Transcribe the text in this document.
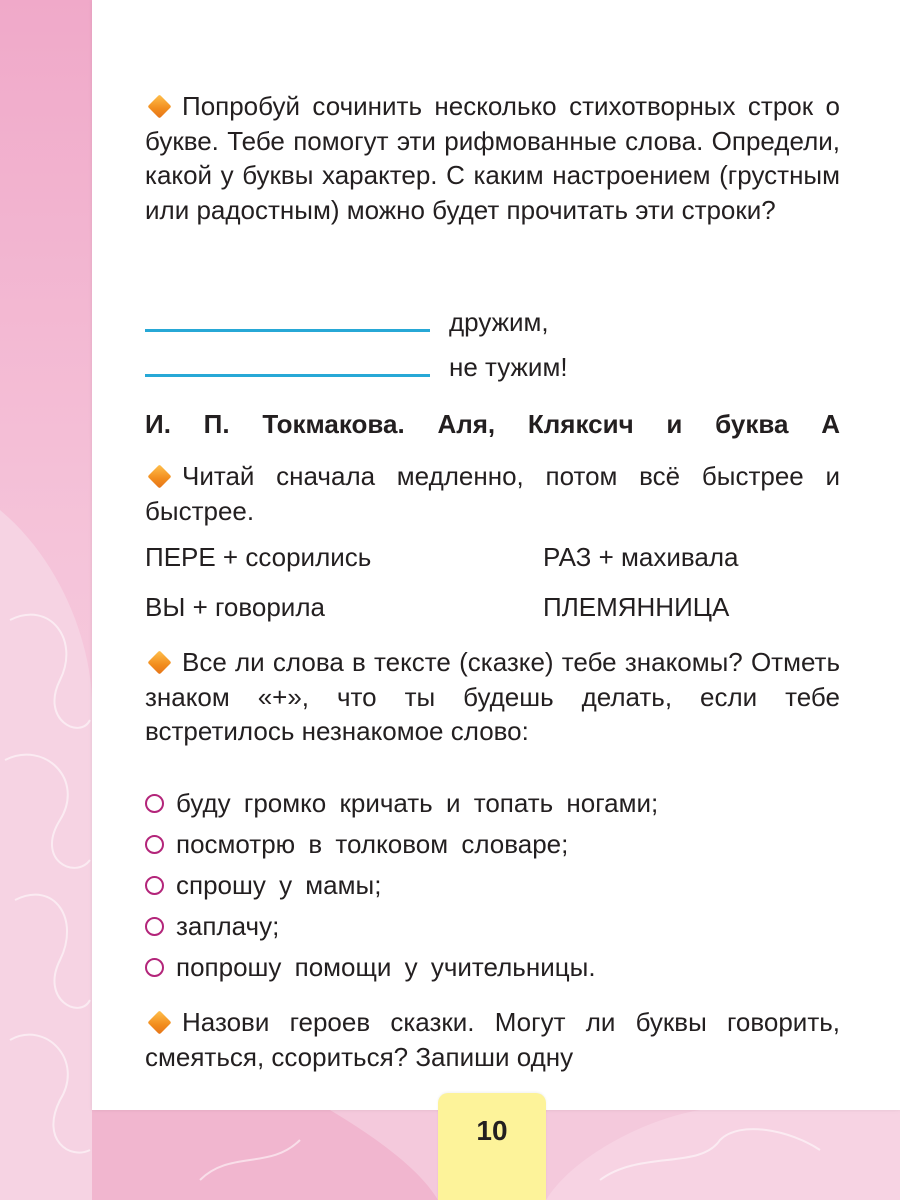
Попробуй сочинить несколько стихотворных строк о букве. Тебе помогут эти рифмованные слова. Определи, какой у буквы характер. С каким настроением (грустным или радостным) можно будет прочитать эти строки?

дружим,
не тужим!
И. П. Токмакова. Аля, Кляксич и буква А

Читай сначала медленно, потом всё быстрее и быстрее.

ПЕРЕ + ссорились	РАЗ + махивала
ВЫ + говорила	ПЛЕМЯННИЦА

Все ли слова в тексте (сказке) тебе знакомы? Отметь знаком «+», что ты будешь делать, если тебе встретилось незнакомое слово:

буду громко кричать и топать ногами;
посмотрю в толковом словаре;
спрошу у мамы;
заплачу;
попрошу помощи у учительницы.

Назови героев сказки. Могут ли буквы говорить, смеяться, ссориться? Запиши одну

10
